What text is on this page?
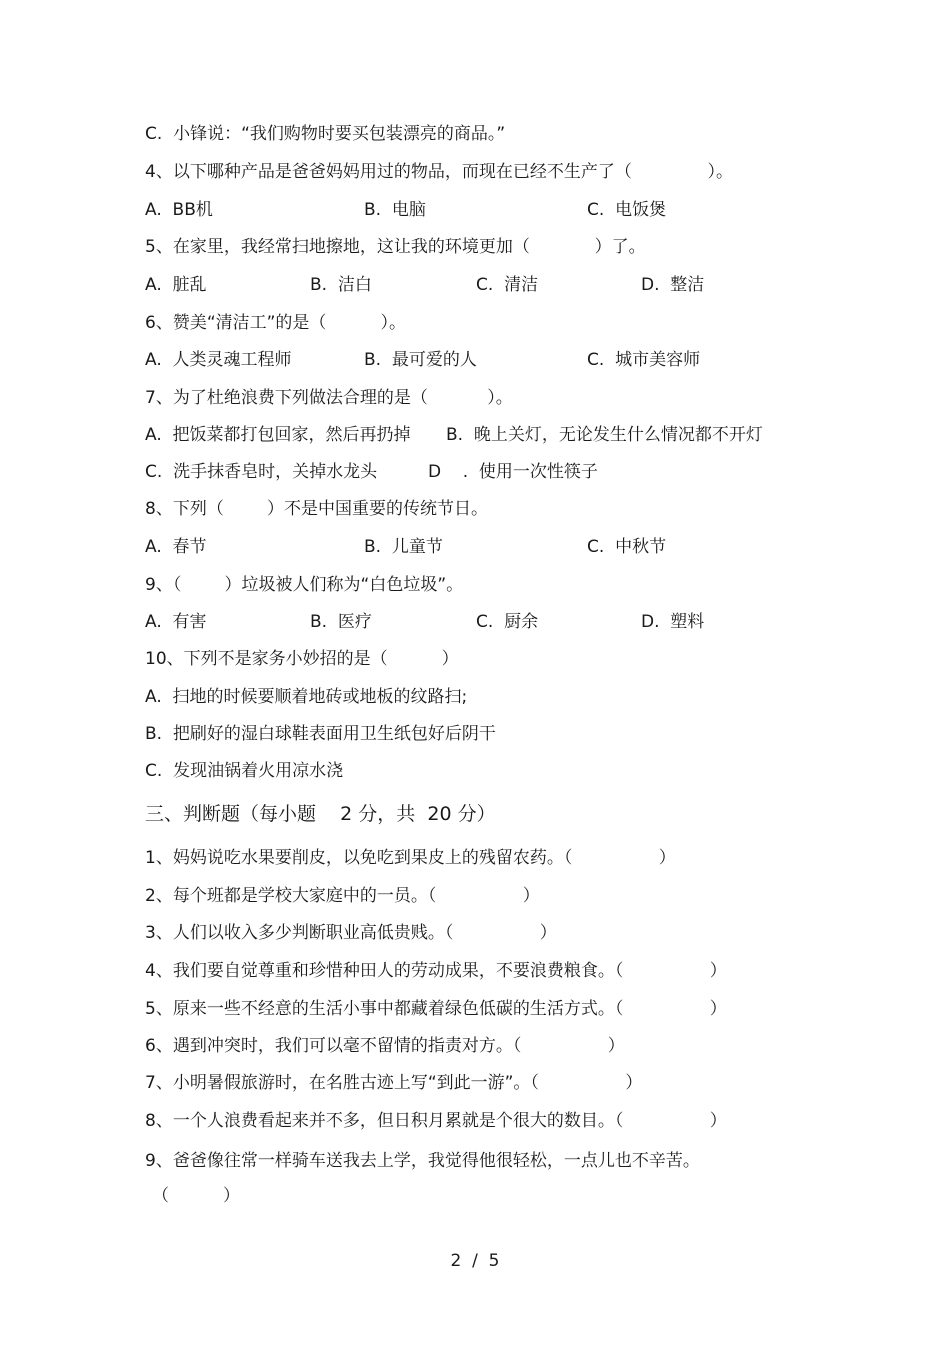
C.  小锋说：“我们购物时要买包装漂亮的商品。”
4、以下哪种产品是爸爸妈妈用过的物品，而现在已经不生产了（              ）。
A.  BB机	B.  电脑	C.  电饭煲
5、在家里，我经常扫地擦地，这让我的环境更加（            ）了。
A.  脏乱	B.  洁白	C.  清洁	D.  整洁
6、赞美“清洁工”的是（          ）。
A.  人类灵魂工程师	B.  最可爱的人	C.  城市美容师
7、为了杜绝浪费下列做法合理的是（           ）。
A.  把饭菜都打包回家，然后再扔掉 B.  晚上关灯，无论发生什么情况都不开灯
C.  洗手抹香皂时，关掉水龙头	D    .  使用一次性筷子
8、下列（        ）不是中国重要的传统节日。
A.  春节	B.  儿童节	C.  中秋节
9、（        ）垃圾被人们称为“白色垃圾”。
A.  有害	B.  医疗	C.  厨余	D.  塑料
10、下列不是家务小妙招的是（          ）
A.  扫地的时候要顺着地砖或地板的纹路扫;
B.  把刷好的湿白球鞋表面用卫生纸包好后阴干
C.  发现油锅着火用凉水浇
三、判断题（每小题    2 分，共  20 分）
1、妈妈说吃水果要削皮，以免吃到果皮上的残留农药。（                ）
2、每个班都是学校大家庭中的一员。（                ）
3、人们以收入多少判断职业高低贵贱。（                ）
4、我们要自觉尊重和珍惜种田人的劳动成果，不要浪费粮食。（                ）
5、原来一些不经意的生活小事中都藏着绿色低碳的生活方式。（                ）
6、遇到冲突时，我们可以毫不留情的指责对方。（                ）
7、小明暑假旅游时，在名胜古迹上写“到此一游”。（                ）
8、一个人浪费看起来并不多，但日积月累就是个很大的数目。（                ）
9、爸爸像往常一样骑车送我去上学，我觉得他很轻松，一点儿也不辛苦。
（          ）
2  /  5
